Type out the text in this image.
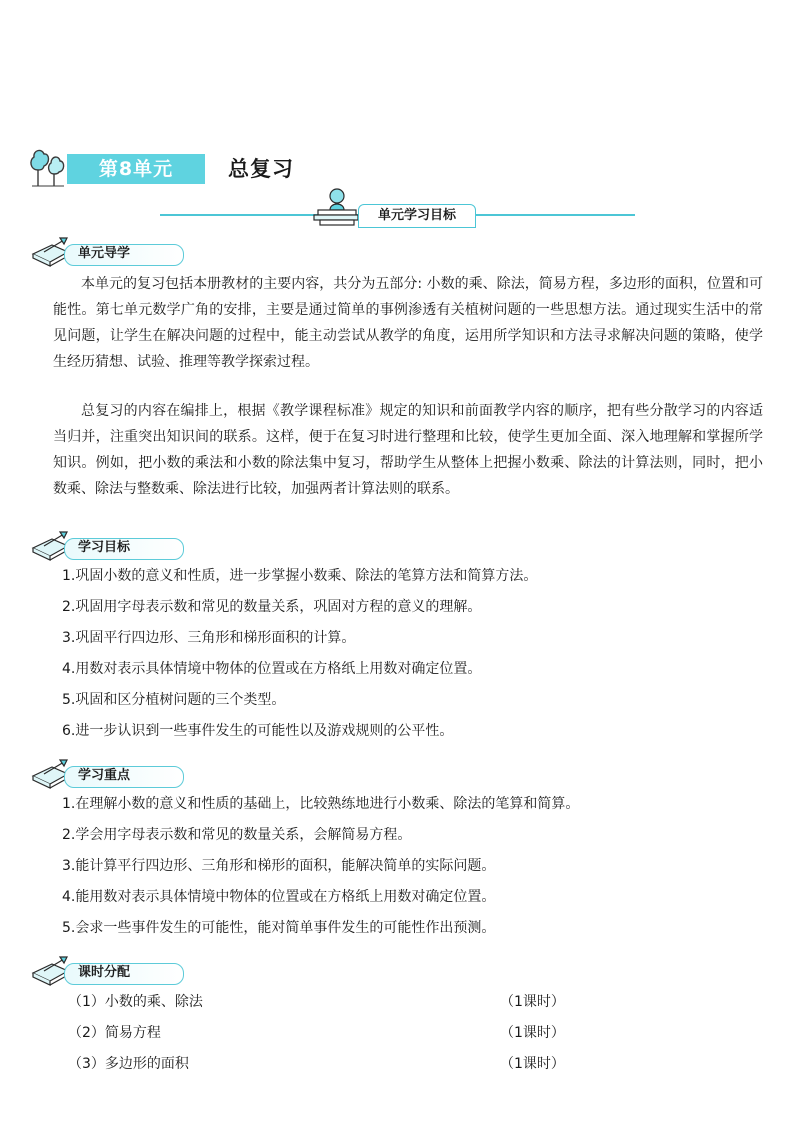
第8单元	总复习
单元学习目标
单元导学

本单元的复习包括本册教材的主要内容，共分为五部分: 小数的乘、除法，简易方程，多边形的面积，位置和可能性。第七单元数学广角的安排，主要是通过简单的事例渗透有关植树问题的一些思想方法。通过现实生活中的常见问题，让学生在解决问题的过程中，能主动尝试从教学的角度，运用所学知识和方法寻求解决问题的策略，使学生经历猜想、试验、推理等教学探索过程。

总复习的内容在编排上，根据《教学课程标准》规定的知识和前面教学内容的顺序，把有些分散学习的内容适当归并，注重突出知识间的联系。这样，便于在复习时进行整理和比较，使学生更加全面、深入地理解和掌握所学知识。例如，把小数的乘法和小数的除法集中复习，帮助学生从整体上把握小数乘、除法的计算法则，同时，把小数乘、除法与整数乘、除法进行比较，加强两者计算法则的联系。

学习目标
1.巩固小数的意义和性质，进一步掌握小数乘、除法的笔算方法和简算方法。
2.巩固用字母表示数和常见的数量关系，巩固对方程的意义的理解。
3.巩固平行四边形、三角形和梯形面积的计算。
4.用数对表示具体情境中物体的位置或在方格纸上用数对确定位置。
5.巩固和区分植树问题的三个类型。
6.进一步认识到一些事件发生的可能性以及游戏规则的公平性。
学习重点
1.在理解小数的意义和性质的基础上，比较熟练地进行小数乘、除法的笔算和简算。
2.学会用字母表示数和常见的数量关系，会解简易方程。
3.能计算平行四边形、三角形和梯形的面积，能解决简单的实际问题。
4.能用数对表示具体情境中物体的位置或在方格纸上用数对确定位置。
5.会求一些事件发生的可能性，能对简单事件发生的可能性作出预测。
课时分配
（1）小数的乘、除法	（1课时）
（2）简易方程	（1课时）
（3）多边形的面积	（1课时）
